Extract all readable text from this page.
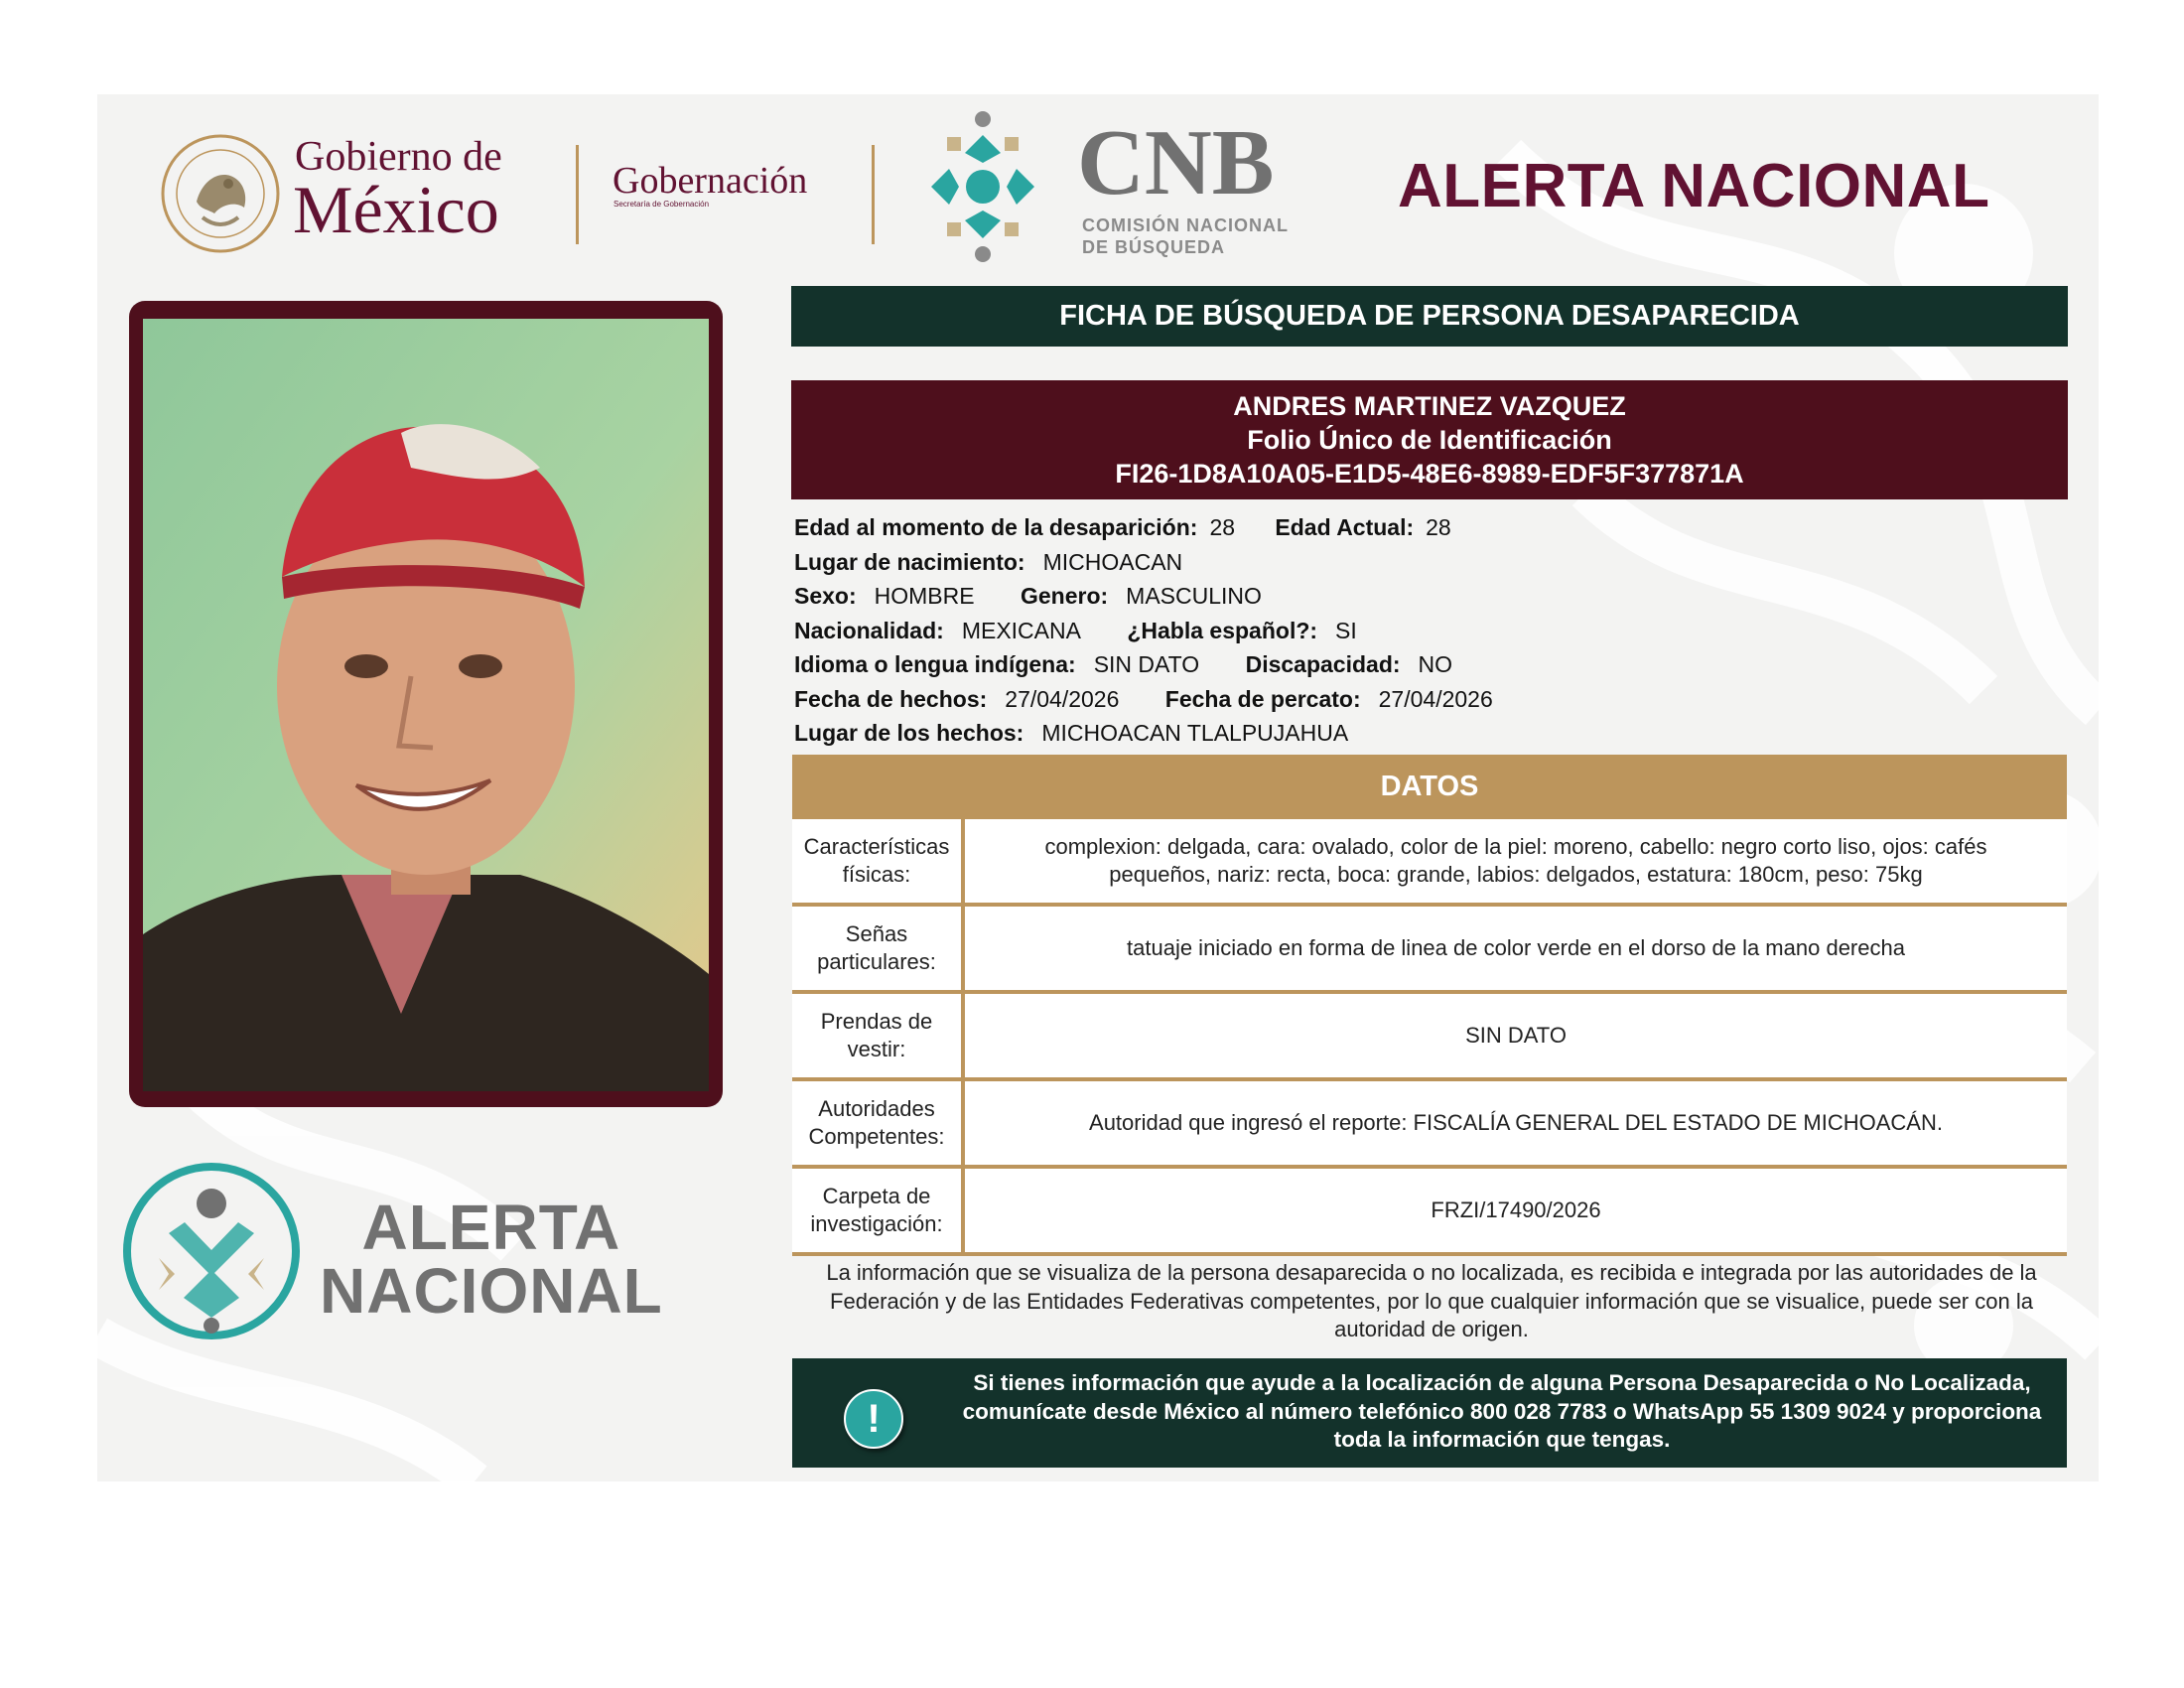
Gobierno de
México	Gobernación
Secretaría de Gobernación	CNB
COMISIÓN NACIONAL
DE BÚSQUEDA
ALERTA NACIONAL
ALERTA
NACIONAL
FICHA DE BÚSQUEDA DE PERSONA DESAPARECIDA
ANDRES MARTINEZ VAZQUEZ
Folio Único de Identificación
FI26-1D8A10A05-E1D5-48E6-8989-EDF5F377871A
Edad al momento de la desaparición: 28 Edad Actual: 28
Lugar de nacimiento: MICHOACAN
Sexo: HOMBRE Genero: MASCULINO
Nacionalidad: MEXICANA ¿Habla español?: SI
Idioma o lengua indígena: SIN DATO Discapacidad: NO
Fecha de hechos: 27/04/2026 Fecha de percato: 27/04/2026
Lugar de los hechos: MICHOACAN TLALPUJAHUA
DATOS
Características físicas:
complexion: delgada, cara: ovalado, color de la piel: moreno, cabello: negro corto liso, ojos: cafés pequeños, nariz: recta, boca: grande, labios: delgados, estatura: 180cm, peso: 75kg
Señas particulares:
tatuaje iniciado en forma de linea de color verde en el dorso de la mano derecha
Prendas de vestir:
SIN DATO
Autoridades Competentes:
Autoridad que ingresó el reporte: FISCALÍA GENERAL DEL ESTADO DE MICHOACÁN.
Carpeta de investigación:
FRZI/17490/2026
La información que se visualiza de la persona desaparecida o no localizada, es recibida e integrada por las autoridades de la Federación y de las Entidades Federativas competentes, por lo que cualquier información que se visualice, puede ser con la autoridad de origen.
!
Si tienes información que ayude a la localización de alguna Persona Desaparecida o No Localizada, comunícate desde México al número telefónico 800 028 7783 o WhatsApp 55 1309 9024 y proporciona toda la información que tengas.
